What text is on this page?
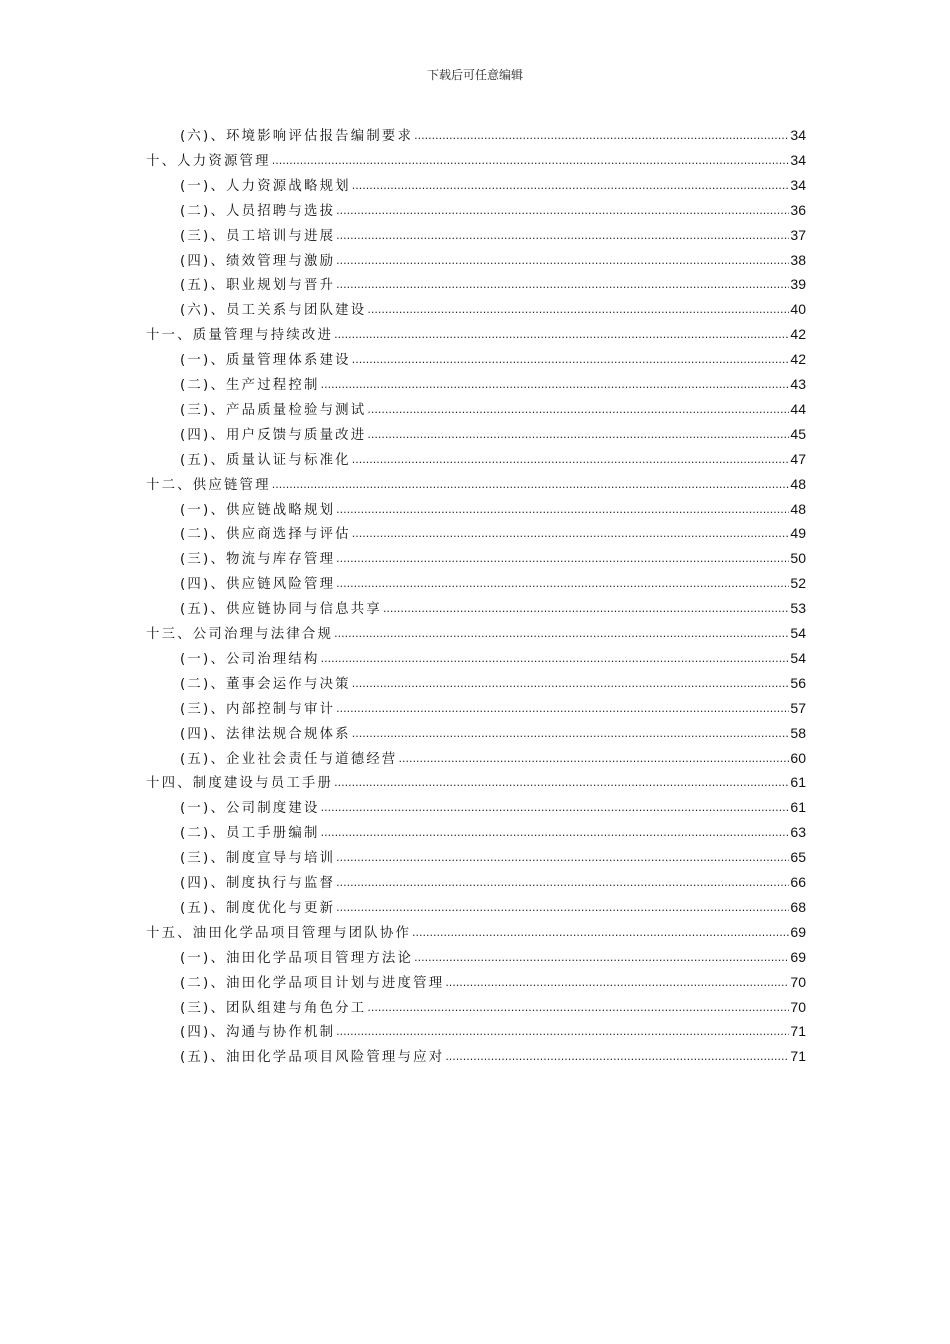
下载后可任意编辑
(六)、环境影响评估报告编制要求 .....	34
十、人力资源管理 .....	34
(一)、人力资源战略规划 .....	34
(二)、人员招聘与选拔 .....	36
(三)、员工培训与进展 .....	37
(四)、绩效管理与激励 .....	38
(五)、职业规划与晋升 .....	39
(六)、员工关系与团队建设 .....	40
十一、质量管理与持续改进 .....	42
(一)、质量管理体系建设 .....	42
(二)、生产过程控制 .....	43
(三)、产品质量检验与测试 .....	44
(四)、用户反馈与质量改进 .....	45
(五)、质量认证与标准化 .....	47
十二、供应链管理 .....	48
(一)、供应链战略规划 .....	48
(二)、供应商选择与评估 .....	49
(三)、物流与库存管理 .....	50
(四)、供应链风险管理 .....	52
(五)、供应链协同与信息共享 .....	53
十三、公司治理与法律合规 .....	54
(一)、公司治理结构 .....	54
(二)、董事会运作与决策 .....	56
(三)、内部控制与审计 .....	57
(四)、法律法规合规体系 .....	58
(五)、企业社会责任与道德经营 .....	60
十四、制度建设与员工手册 .....	61
(一)、公司制度建设 .....	61
(二)、员工手册编制 .....	63
(三)、制度宣导与培训 .....	65
(四)、制度执行与监督 .....	66
(五)、制度优化与更新 .....	68
十五、油田化学品项目管理与团队协作 .....	69
(一)、油田化学品项目管理方法论 .....	69
(二)、油田化学品项目计划与进度管理 .....	70
(三)、团队组建与角色分工 .....	70
(四)、沟通与协作机制 .....	71
(五)、油田化学品项目风险管理与应对 .....	71
